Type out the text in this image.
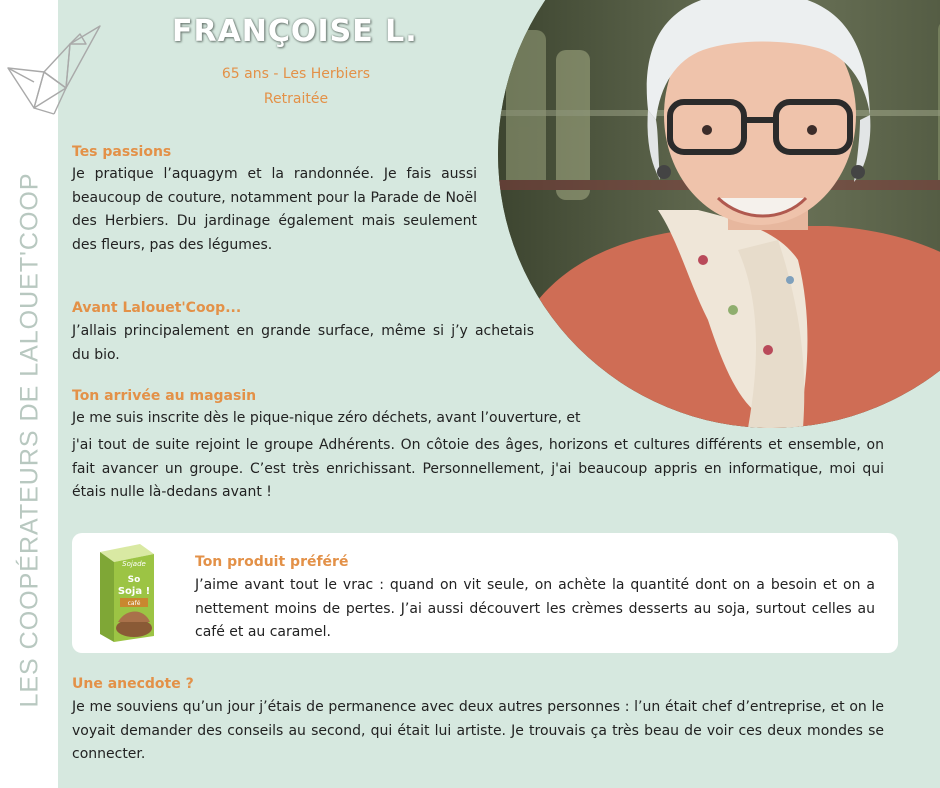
LES COOPÉRATEURS DE LALOUET'COOP
FRANÇOISE L.
65 ans - Les Herbiers
Retraitée
Tes passions
Je pratique l’aquagym et la randonnée. Je fais aussi beaucoup de couture, notamment pour la Parade de Noël des Herbiers. Du jardinage également mais seulement des fleurs, pas des légumes.
Avant Lalouet'Coop...
J’allais principalement en grande surface, même si j’y achetais du bio.
Ton arrivée au magasin
Je me suis inscrite dès le pique-nique zéro déchets, avant l’ouverture, et
j'ai tout de suite rejoint le groupe Adhérents. On côtoie des âges, horizons et cultures différents et ensemble, on fait avancer un groupe. C’est très enrichissant. Personnellement, j'ai beaucoup appris en informatique, moi qui étais nulle là-dedans avant !
Sojade
So
Soja !
café
Ton produit préféré
J’aime avant tout le vrac : quand on vit seule, on achète la quantité dont on a besoin et on a nettement moins de pertes. J’ai aussi découvert les crèmes desserts au soja, surtout celles au café et au caramel.
Une anecdote ?
Je me souviens qu’un jour j’étais de permanence avec deux autres personnes : l’un était chef d’entreprise, et on le voyait demander des conseils au second, qui était lui artiste. Je trouvais ça très beau de voir ces deux mondes se connecter.
